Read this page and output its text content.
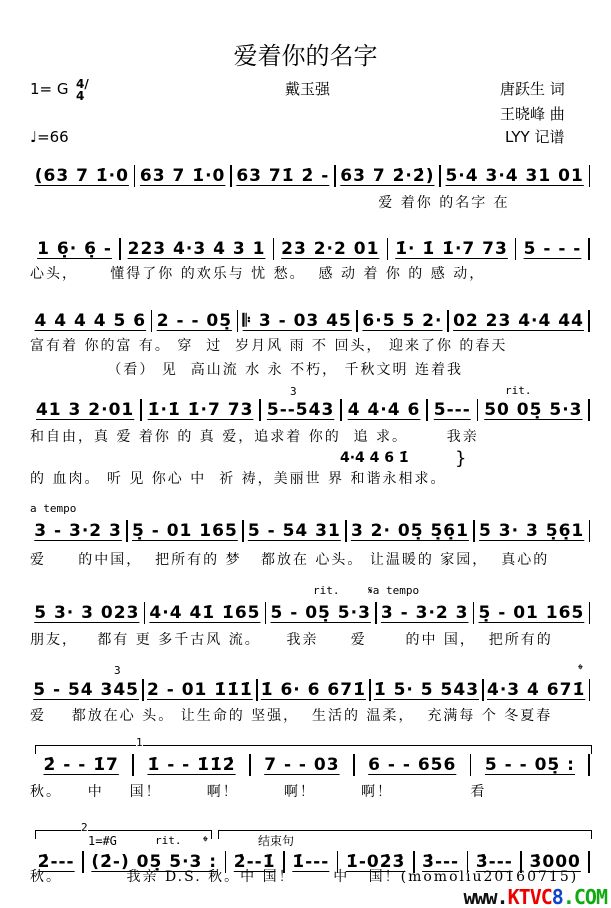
爱着你的名字
1= G 4/4	戴玉强	唐跃生 词
王晓峰 曲
♩=66	LYY 记谱
rit.
a tempo
rit.	𝄋a tempo
𝄌
3
3
1
2
1=#G	rit. 𝄌	结束句
(63 7 1̇·0 63 7 1̇·0 63 71̇ 2̇ - 63 7 2̇·2̇) 5·4 3·4 31 01
爱 着你 的名字 在
1 6̣· 6̣ - 223 4·3 4 3 1 23 2·2 01 1̇· 1̇ 1̇·7 73 5 - - -
心头，     懂得了你 的欢乐与 忧 愁。  感 动 着 你 的 感 动，
4 4 4 4 5 6 2 - - 05̣ 𝄆 3 - 03 45 6·5 5 2· 02 23 4·4 44
富有着 你的富 有。 穿  过  岁月风 雨 不 回头， 迎来了你 的春天
（看） 见  高山流 水 永 不朽， 千秋文明 连着我
41 3 2·01 1̇·1̇ 1̇·7 73 5--543 4 4·4 6 5--- 50 05̣ 5·3
和自由，真 爱 着你 的 真 爱，追求着 你的  追 求。      我亲
的 血肉。 听 见 你心 中  祈 祷，美丽世 界 和谐永相求。
3 - 3·2 3 5̣ - 01 165 5 - 54 31 3 2· 05̣ 5̣6̣1 5 3· 3 5̣6̣1
爱     的中国，  把所有的 梦   都放在 心头。 让温暖的 家园，  真心的
5 3· 3 023 4·4 41̇ 1̇65 5 - 05̣ 5·3 3 - 3·2 3 5̣ - 01 165
朋友，   都有 更 多千古风 流。    我亲     爱      的中 国，  把所有的
5 - 54 345 2 - 01 1̇1̇1̇ 1̇ 6· 6 671̇ 1̇ 5· 5 543 4·3 4 671̇
爱    都放在心 头。 让生命的 坚强，  生活的 温柔，  充满每 个 冬夏春
2̇ - - 1̇7	1̇ - - 1̇1̇2̇	7 - - 03	6 - - 656	5 - - 05̣ :
秋。    中    国！       啊！       啊！       啊！            看
2̇--- (2̇-) 05̣ 5·3 : 2̇--1̇ 1̇--- 1̇-02̇3̇ 3̇--- 3̇--- 3̇000
秋。          我亲 D.S. 秋。中 国！      中   国！(momoliu20160715)
4·4 4 6 1̇	}
www.KTVC8.COM
